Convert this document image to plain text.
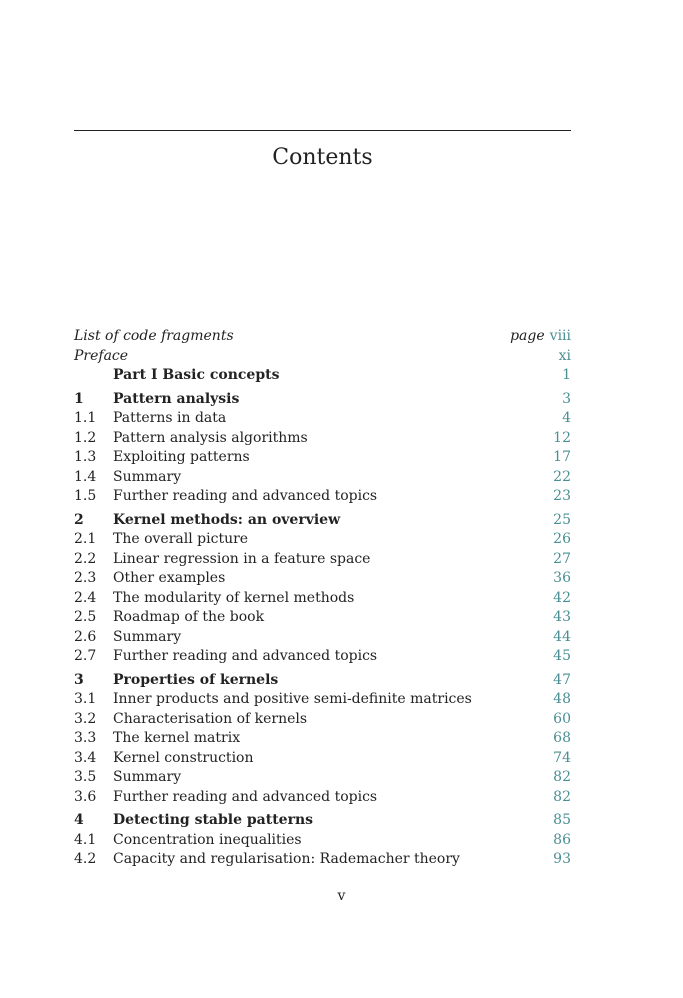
Contents
List of code fragments	page viii
Preface	xi
Part I Basic concepts	1
1 Pattern analysis	3
1.1 Patterns in data	4
1.2 Pattern analysis algorithms	12
1.3 Exploiting patterns	17
1.4 Summary	22
1.5 Further reading and advanced topics	23
2 Kernel methods: an overview	25
2.1 The overall picture	26
2.2 Linear regression in a feature space	27
2.3 Other examples	36
2.4 The modularity of kernel methods	42
2.5 Roadmap of the book	43
2.6 Summary	44
2.7 Further reading and advanced topics	45
3 Properties of kernels	47
3.1 Inner products and positive semi-definite matrices	48
3.2 Characterisation of kernels	60
3.3 The kernel matrix	68
3.4 Kernel construction	74
3.5 Summary	82
3.6 Further reading and advanced topics	82
4 Detecting stable patterns	85
4.1 Concentration inequalities	86
4.2 Capacity and regularisation: Rademacher theory	93
v
